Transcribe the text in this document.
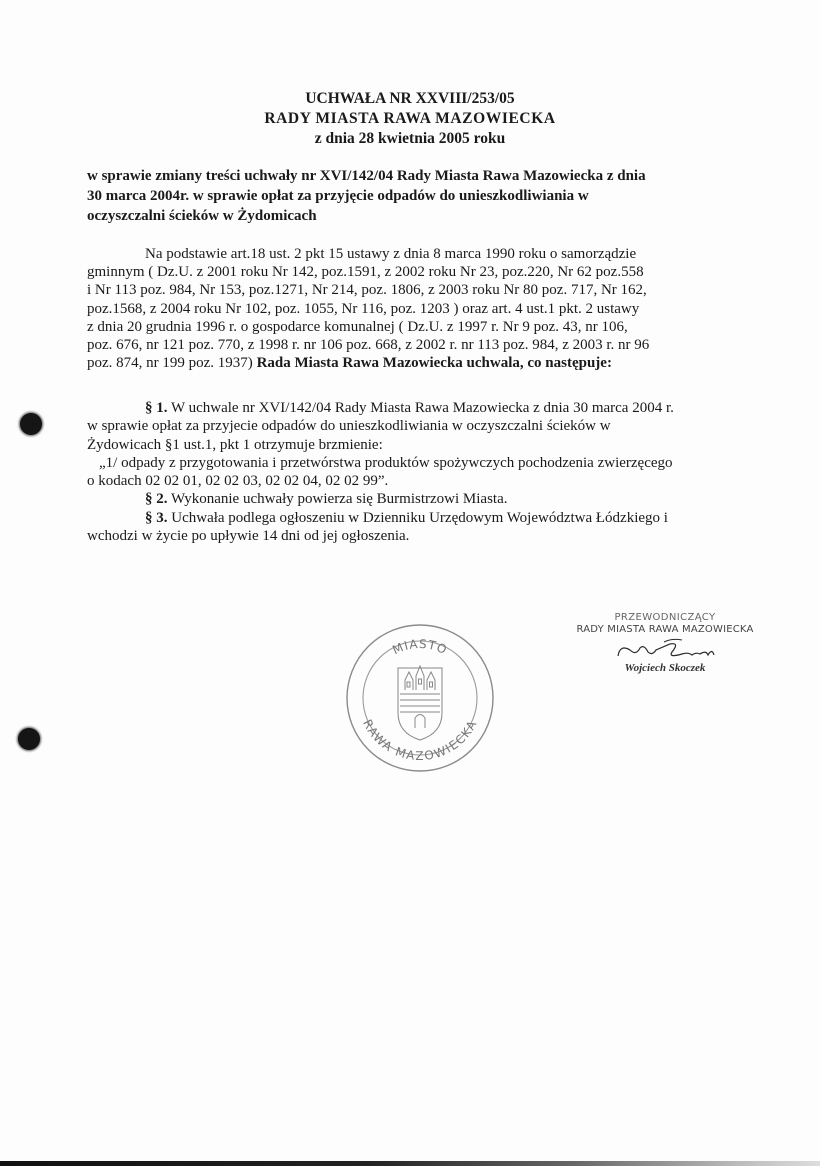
UCHWAŁA NR XXVIII/253/05
RADY MIASTA RAWA MAZOWIECKA
z dnia 28 kwietnia 2005 roku
w sprawie zmiany treści uchwały nr XVI/142/04 Rady Miasta Rawa Mazowiecka z dnia
30 marca 2004r. w sprawie opłat za przyjęcie odpadów do unieszkodliwiania w
oczyszczalni ścieków w Żydomicach
Na podstawie art.18 ust. 2 pkt 15 ustawy z dnia 8 marca 1990 roku o samorządzie
gminnym ( Dz.U. z 2001 roku Nr 142, poz.1591, z 2002 roku Nr 23, poz.220, Nr 62 poz.558
i Nr 113 poz. 984, Nr 153, poz.1271, Nr 214, poz. 1806, z 2003 roku Nr 80 poz. 717, Nr 162,
poz.1568, z 2004 roku Nr 102, poz. 1055, Nr 116, poz. 1203 ) oraz art. 4 ust.1 pkt. 2 ustawy
z dnia 20 grudnia 1996 r. o gospodarce komunalnej ( Dz.U. z 1997 r. Nr 9 poz. 43, nr 106,
poz. 676, nr 121 poz. 770, z 1998 r. nr 106 poz. 668, z 2002 r. nr 113 poz. 984, z 2003 r. nr 96
poz. 874, nr 199 poz. 1937) Rada Miasta Rawa Mazowiecka uchwala, co następuje:
§ 1. W uchwale nr XVI/142/04 Rady Miasta Rawa Mazowiecka z dnia 30 marca 2004 r.
w sprawie opłat za przyjecie odpadów do unieszkodliwiania w oczyszczalni ścieków w
Żydowicach §1 ust.1, pkt 1 otrzymuje brzmienie:
„1/ odpady z przygotowania i przetwórstwa produktów spożywczych pochodzenia zwierzęcego
o kodach 02 02 01, 02 02 03, 02 02 04, 02 02 99”.
§ 2. Wykonanie uchwały powierza się Burmistrzowi Miasta.
§ 3. Uchwała podlega ogłoszeniu w Dzienniku Urzędowym Województwa Łódzkiego i
wchodzi w życie po upływie 14 dni od jej ogłoszenia.
MIASTO
RAWA MAZOWIECKA
PRZEWODNICZĄCY
RADY MIASTA RAWA MAZOWIECKA
Wojciech Skoczek
